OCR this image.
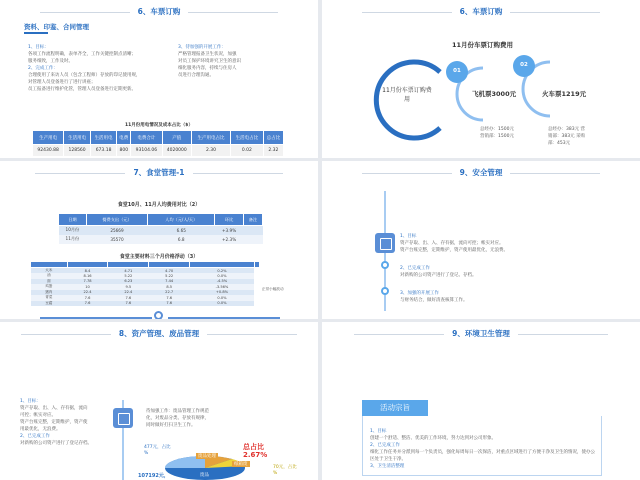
6、车票订购
资料、印鉴、合同管理
1、目标：
各项工作流程明确，表单齐全，工作关键控制点清晰；
服务细致，工作及时。
2、完成工作：
合理使用了来访人员（包含工程师）存放的印记使用规，
对管理人员登备进行了进行讲座；
员工报备进行维护化管，管理人员登备进行定期更新。
3、待加强的开展工作：
严格管理报备卫生状况，加强
对员工保护环境讲究卫生的意识
细化服务内容，持续与住房人
员进行合理沟通。
11月份用电情况及成本占比（$）
生产用电	生活用电	生活用电	电费	电费合计	产值	生产用电占比	生活电占比	总占比
92430.88	128560	673.18	800	93104.06	4020000	2.30	0.02	2.32
6、车票订购
11月份车票订购费用
11月份车票订购费用
01
02
飞机票3000元	火车票1219元
总经办：1500元
营销部：1500元
总经办：383元 营
销部：383元 采购
部：453元
7、食堂管理-1
食堂10月、11月人均费用对比（2）
日期	餐费支出（元）	人均（元/人/天）	环比	备注
10月份	25669	6.65	+3.9%	
11月份	35570	6.8	+2.3%	
食堂主要材料三个月价格浮动（3）

大米	8.4	4.71	4.70	0.2%	
油	8.16	5.22	5.22	0.0%	
面	7.78	6.23	7.44	-4.5%	
鸡蛋	10	9.5	8.5	-3.56%	
猪肉	22.4	22.4	22.7	+0.8%	
青菜	7.6	7.6	7.6	0.0%	
豆腐	7.6	7.6	7.6	0.0%	
正常小幅波动
9、安全管理
1、目标
资产存取、出、入、存有据，流向可控；帐实对应。
资产台账完整，定期维护，资产使用最优化，无浪费。
2、已完成工作
对新购的公司资产进行了登记、存档。
3、加强的开展工作
与财务结合，做好清查核算工作。
8、资产管理、废品管理
1、目标：
资产存取、出、入、存有据，流向
可控；帐实对应。
资产台账完整，定期维护，资产使
用最优化，无浪费。
2、已完成工作
对新购的公司资产进行了登记存档。
待加强工作：废品管理工作规范
化，对废品分类、存放有规律，
同时做好打扫卫生工作。
477元，占比
%
107192元，
废品处理
纸箱废
废品
总占比
2.67%
70元，占比
%
9、环境卫生管理
活动宗旨
1、目标
创建一个舒适、整洁、优美的工作环境，努力达到对公司形象。
2、已完成工作
细化工作任务并分派到每一个负责员，强化每周每日一次保洁，对重点区域进行了方便干净及卫生的情况，使办公区处于卫生干净。
3、卫生清洁整理
